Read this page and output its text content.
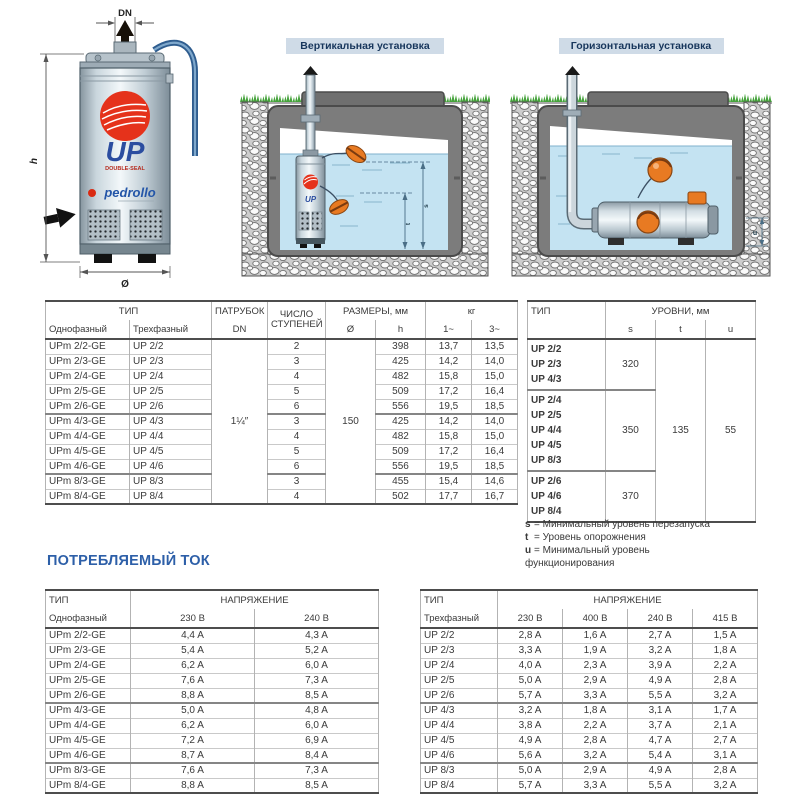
DN
UP
DOUBLE-SEAL
pedrollo
h
Ø
Вертикальная установка
UP
s
t
Горизонтальная установка
u
ТИП		ПАТРУБОК	ЧИСЛО
СТУПЕНЕЙ	РАЗМЕРЫ, мм		кг	
Однофазный	Трехфазный	DN		Ø	h	1~	3~
UPm 2/2-GE	UP 2/2	1¼″	2	150	398	13,7	13,5
UPm 2/3-GE	UP 2/3		3		425	14,2	14,0
UPm 2/4-GE	UP 2/4		4		482	15,8	15,0
UPm 2/5-GE	UP 2/5		5		509	17,2	16,4
UPm 2/6-GE	UP 2/6		6		556	19,5	18,5
UPm 4/3-GE	UP 4/3		3		425	14,2	14,0
UPm 4/4-GE	UP 4/4		4		482	15,8	15,0
UPm 4/5-GE	UP 4/5		5		509	17,2	16,4
UPm 4/6-GE	UP 4/6		6		556	19,5	18,5
UPm 8/3-GE	UP 8/3		3		455	15,4	14,6
UPm 8/4-GE	UP 8/4		4		502	17,7	16,7
ТИП	УРОВНИ, мм		
	s	t	u

UP 2/2
UP 2/3
UP 4/3	320	135	55

UP 2/4
UP 2/5
UP 4/4
UP 4/5
UP 8/3	350		

UP 2/6
UP 4/6
UP 8/4	370		
s = Минимальный уровень перезапуска
t = Уровень опорожнения
u = Минимальный уровень
функционирования
ПОТРЕБЛЯЕМЫЙ ТОК
ТИП	НАПРЯЖЕНИЕ	
Однофазный	230 В	240 В
UPm 2/2-GE	4,4 A	4,3 A
UPm 2/3-GE	5,4 A	5,2 A
UPm 2/4-GE	6,2 A	6,0 A
UPm 2/5-GE	7,6 A	7,3 A
UPm 2/6-GE	8,8 A	8,5 A
UPm 4/3-GE	5,0 A	4,8 A
UPm 4/4-GE	6,2 A	6,0 A
UPm 4/5-GE	7,2 A	6,9 A
UPm 4/6-GE	8,7 A	8,4 A
UPm 8/3-GE	7,6 A	7,3 A
UPm 8/4-GE	8,8 A	8,5 A
ТИП	НАПРЯЖЕНИЕ			
Трехфазный	230 В	400 В	240 В	415 В
UP 2/2	2,8 A	1,6 A	2,7 A	1,5 A
UP 2/3	3,3 A	1,9 A	3,2 A	1,8 A
UP 2/4	4,0 A	2,3 A	3,9 A	2,2 A
UP 2/5	5,0 A	2,9 A	4,9 A	2,8 A
UP 2/6	5,7 A	3,3 A	5,5 A	3,2 A
UP 4/3	3,2 A	1,8 A	3,1 A	1,7 A
UP 4/4	3,8 A	2,2 A	3,7 A	2,1 A
UP 4/5	4,9 A	2,8 A	4,7 A	2,7 A
UP 4/6	5,6 A	3,2 A	5,4 A	3,1 A
UP 8/3	5,0 A	2,9 A	4,9 A	2,8 A
UP 8/4	5,7 A	3,3 A	5,5 A	3,2 A
